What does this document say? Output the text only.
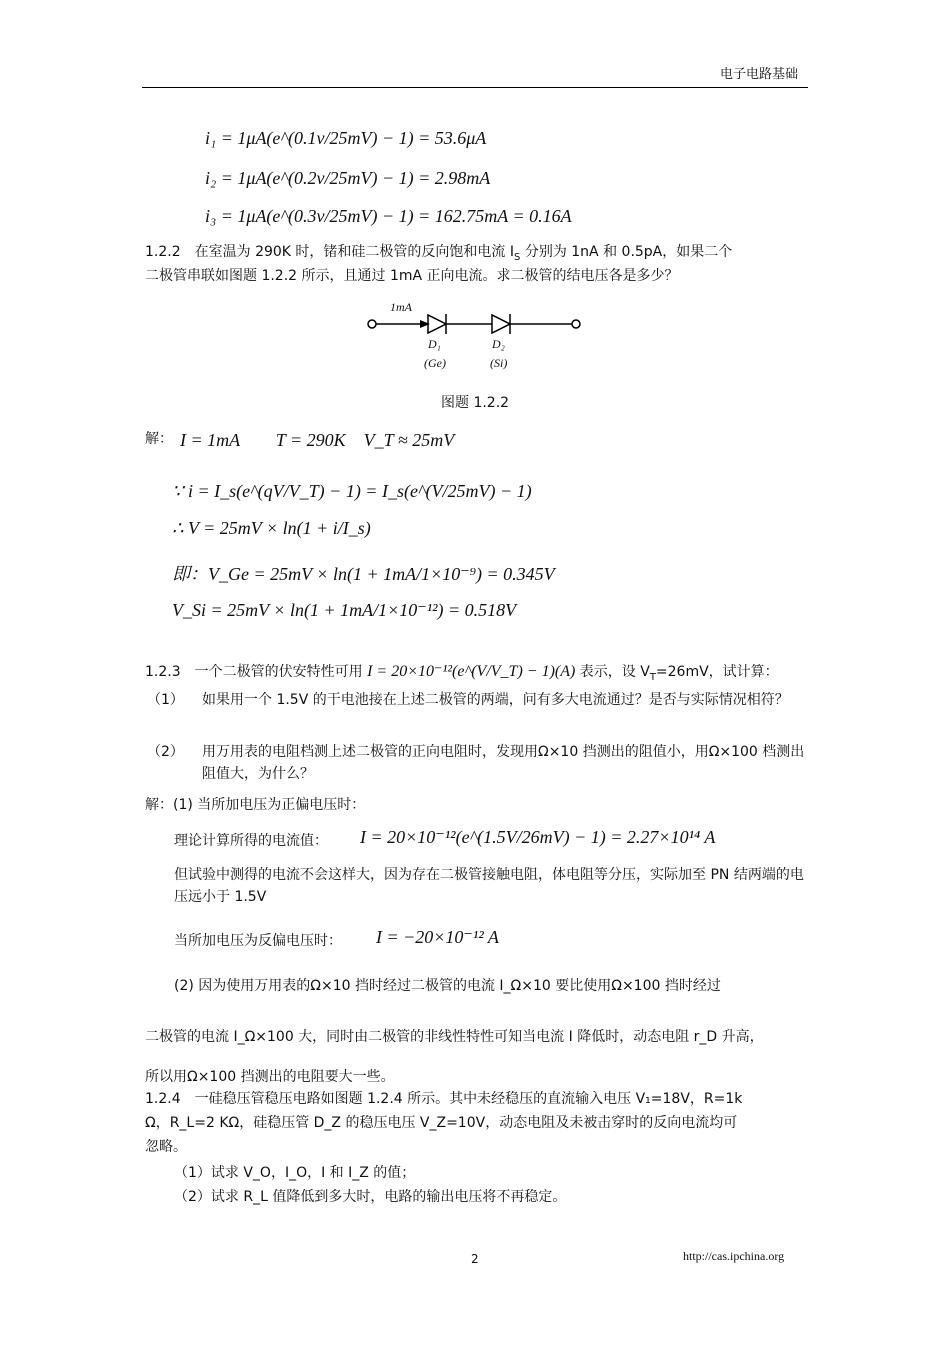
电子电路基础
i₁ = 1μA(e^(0.1v/25mV) − 1) = 53.6μA
i₂ = 1μA(e^(0.2v/25mV) − 1) = 2.98mA
i₃ = 1μA(e^(0.3v/25mV) − 1) = 162.75mA = 0.16A
1.2.2　在室温为 290K 时，锗和硅二极管的反向饱和电流 $I_S$ 分别为 1nA 和 0.5pA，如果二个
二极管串联如图题 1.2.2 所示，且通过 1mA 正向电流。求二极管的结电压各是多少？
1mA
D₁
(Ge)
D₂
(Si)
图题 1.2.2
解： I = 1mA　　T = 290K　V_T ≈ 25mV
∵ i = I_s(e^(qV/V_T) − 1) = I_s(e^(V/25mV) − 1)
∴ V = 25mV × ln(1 + i/I_s)
即：V_Ge = 25mV × ln(1 + 1mA/1×10⁻⁹) = 0.345V
V_Si = 25mV × ln(1 + 1mA/1×10⁻¹²) = 0.518V
1.2.3　一个二极管的伏安特性可用 I = 20×10⁻¹²(e^(V/V_T) − 1)(A) 表示，设 $V_T=26mV$，试计算：
（1） 如果用一个 1.5V 的干电池接在上述二极管的两端，问有多大电流通过？是否与实际情况相符？
（2） 用万用表的电阻档测上述二极管的正向电阻时，发现用Ω×10 挡测出的阻值小，用Ω×100 档测出阻值大，为什么？
解：(1) 当所加电压为正偏电压时：
理论计算所得的电流值： I = 20×10⁻¹²(e^(1.5V/26mV) − 1) = 2.27×10¹⁴ A
但试验中测得的电流不会这样大，因为存在二极管接触电阻，体电阻等分压，实际加至 PN 结两端的电压远小于 1.5V
当所加电压为反偏电压时： I = −20×10⁻¹² A
(2) 因为使用万用表的Ω×10 挡时经过二极管的电流 I_Ω×10 要比使用Ω×100 挡时经过
二极管的电流 I_Ω×100 大，同时由二极管的非线性特性可知当电流 I 降低时，动态电阻 r_D 升高，
所以用Ω×100 挡测出的电阻要大一些。
1.2.4　一硅稳压管稳压电路如图题 1.2.4 所示。其中未经稳压的直流输入电压 V₁=18V，R=1k
Ω，R_L=2 KΩ，硅稳压管 D_Z 的稳压电压 V_Z=10V，动态电阻及未被击穿时的反向电流均可
忽略。
（1）试求 V_O，I_O，I 和 I_Z 的值；
（2）试求 R_L 值降低到多大时，电路的输出电压将不再稳定。
2	http://cas.ipchina.org
